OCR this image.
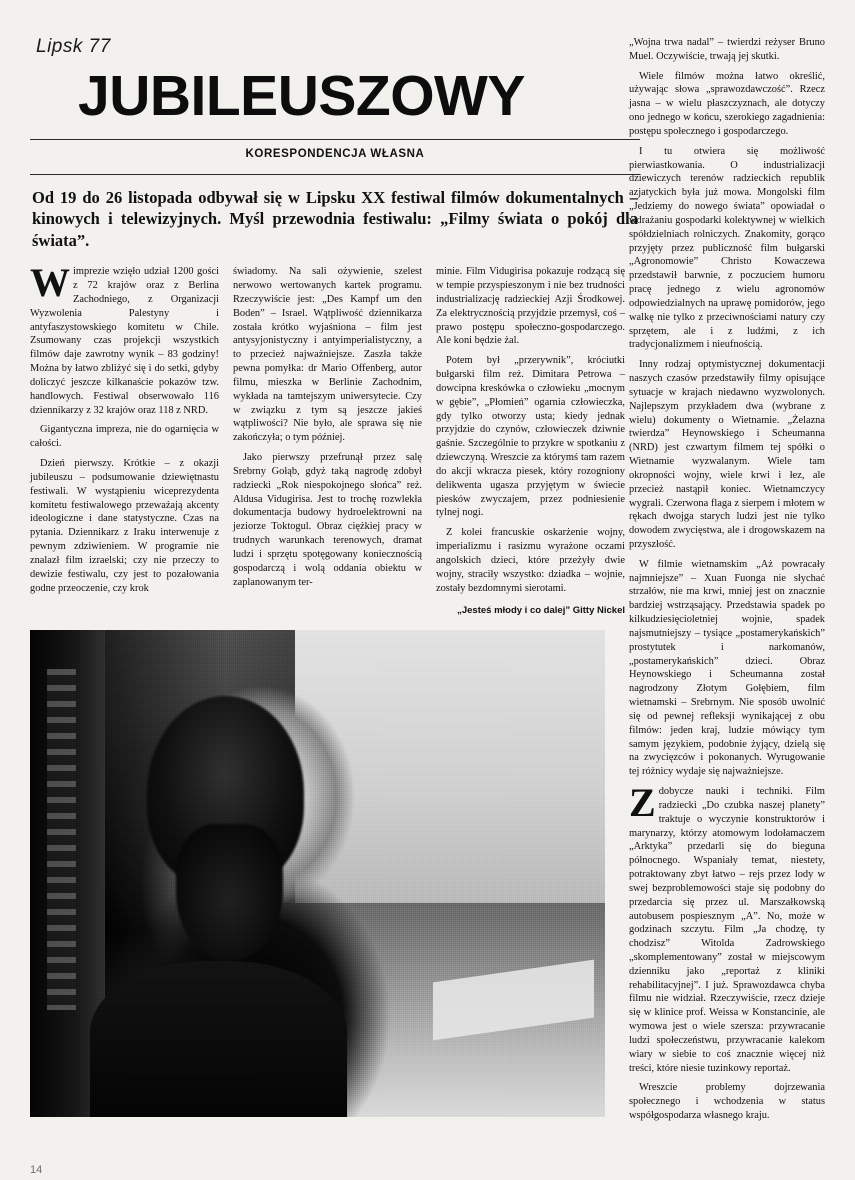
Lipsk 77
JUBILEUSZOWY
KORESPONDENCJA WŁASNA

Od 19 do 26 listopada odbywał się w Lipsku XX festiwal filmów dokumentalnych – kinowych i telewizyjnych. Myśl przewodnia festiwalu: „Filmy świata o pokój dla świata”.

Wimprezie wzięło udział 1200 gości z 72 krajów oraz z Berlina Zachodniego, z Organizacji Wyzwolenia Palestyny i antyfaszystowskiego komitetu w Chile. Zsumowany czas projekcji wszystkich filmów daje zawrotny wynik – 83 godziny! Można by łatwo zbliżyć się i do setki, gdyby doliczyć jeszcze kilkanaście pokazów tzw. handlowych. Festiwal obserwowało 116 dziennikarzy z 32 krajów oraz 118 z NRD.

Gigantyczna impreza, nie do ogarnięcia w całości.

Dzień pierwszy. Krótkie – z okazji jubileuszu – podsumowanie dziewiętnastu festiwali. W wystąpieniu wiceprezydenta komitetu festiwalowego przeważają akcenty ideologiczne i dane statystyczne. Czas na pytania. Dziennikarz z Iraku interwenuje z pewnym zdziwieniem. W programie nie znalazł film izraelski; czy nie przeczy to dewizie festiwalu, czy jest to pozałowania godne przeoczenie, czy krok

świadomy. Na sali ożywienie, szelest nerwowo wertowanych kartek programu. Rzeczywiście jest: „Des Kampf um den Boden” – Israel. Wątpliwość dziennikarza została krótko wyjaśniona – film jest antysyjonistyczny i antyimperialistyczny, a to przecież najważniejsze. Zaszła także pewna pomyłka: dr Mario Offenberg, autor filmu, mieszka w Berlinie Zachodnim, wykłada na tamtejszym uniwersytecie. Czy w związku z tym są jeszcze jakieś wątpliwości? Nie było, ale sprawa się nie zakończyła; o tym później.

Jako pierwszy przefrunął przez salę Srebrny Gołąb, gdyż taką nagrodę zdobył radziecki „Rok niespokojnego słońca” reż. Aldusa Vidugirisa. Jest to trochę rozwlekła dokumentacja budowy hydroelektrowni na jeziorze Toktogul. Obraz ciężkiej pracy w trudnych warunkach terenowych, dramat ludzi i sprzętu spotęgowany koniecznością gospodarczą i wolą oddania obiektu w zaplanowanym ter-

minie. Film Vidugirisa pokazuje rodzącą się w tempie przyspieszonym i nie bez trudności industrializację radzieckiej Azji Środkowej. Za elektrycznością przyjdzie przemysł, coś – prawo postępu społeczno-gospodarczego. Ale koni będzie żal.

Potem był „przerywnik”, króciutki bułgarski film reż. Dimitara Petrowa – dowcipna kreskówka o człowieku „mocnym w gębie”, „Płomień” ogarnia człowieczka, gdy tylko otworzy usta; kiedy jednak przyjdzie do czynów, człowieczek dziwnie gaśnie. Szczególnie to przykre w spotkaniu z dziewczyną. Wreszcie za którymś tam razem do akcji wkracza piesek, który rozogniony delikwenta ugasza przyjętym w świecie piesków zwyczajem, przez podniesienie tylnej nogi.

Z kolei francuskie oskarżenie wojny, imperializmu i rasizmu wyrażone oczami angolskich dzieci, które przeżyły dwie wojny, straciły wszystko: dziadka – wojnie, zostały bezdomnymi sierotami.

„Jesteś młody i co dalej” Gitty Nickel

„Wojna trwa nadal” – twierdzi reżyser Bruno Muel. Oczywiście, trwają jej skutki.

Wiele filmów można łatwo określić, używając słowa „sprawozdawczość”. Rzecz jasna – w wielu płaszczyznach, ale dotyczy ono jednego w końcu, szerokiego zagadnienia: postępu społecznego i gospodarczego.

I tu otwiera się możliwość pierwiastkowania. O industrializacji dziewiczych terenów radzieckich republik azjatyckich była już mowa. Mongolski film „Jedziemy do nowego świata” opowiadał o wdrażaniu gospodarki kolektywnej w wielkich spółdzielniach rolniczych. Znakomity, gorąco przyjęty przez publiczność film bułgarski „Agronomowie” Christo Kowaczewa przedstawił barwnie, z poczuciem humoru pracę jednego z wielu agronomów odpowiedzialnych na uprawę pomidorów, jego walkę nie tylko z przeciwnościami natury czy sprzętem, ale i z ludźmi, z ich tradycjonalizmem i nieufnością.

Inny rodzaj optymistycznej dokumentacji naszych czasów przedstawiły filmy opisujące sytuacje w krajach niedawno wyzwolonych. Najlepszym przykładem dwa (wybrane z wielu) dokumenty o Wietnamie. „Żelazna twierdza” Heynowskiego i Scheumanna (NRD) jest czwartym filmem tej spółki o Wietnamie wyzwalanym. Wiele tam okropności wojny, wiele krwi i łez, ale przecież nastąpił koniec. Wietnamczycy wygrali. Czerwona flaga z sierpem i młotem w rękach dwojga starych ludzi jest nie tylko dowodem zwycięstwa, ale i drogowskazem na przyszłość.

W filmie wietnamskim „Aż powracały najmniejsze” – Xuan Fuonga nie słychać strzałów, nie ma krwi, mniej jest on znacznie bardziej wstrząsający. Przedstawia spadek po kilkudziesięcioletniej wojnie, spadek najsmutniejszy – tysiące „postamerykańskich” prostytutek i narkomanów, „postamerykańskich” dzieci. Obraz Heynowskiego i Scheumanna został nagrodzony Złotym Gołębiem, film wietnamski – Srebrnym. Nie sposób uwolnić się od pewnej refleksji wynikającej z obu filmów: jeden kraj, ludzie mówiący tym samym językiem, podobnie żyjący, dzielą się na zwycięzców i pokonanych. Wyrugowanie tej różnicy wydaje się najważniejsze.

Zdobycze nauki i techniki. Film radziecki „Do czubka naszej planety” traktuje o wyczynie konstruktorów i marynarzy, którzy atomowym lodołamaczem „Arktyka” przedarli się do bieguna północnego. Wspaniały temat, niestety, potraktowany zbyt łatwo – rejs przez lody w swej bezproblemowości staje się podobny do przedarcia się przez ul. Marszałkowską autobusem pospiesznym „A”. No, może w godzinach szczytu. Film „Ja chodzę, ty chodzisz” Witolda Zadrowskiego „skomplementowany” został w miejscowym dzienniku jako „reportaż z kliniki rehabilitacyjnej”. I już. Sprawozdawca chyba filmu nie widział. Rzeczywiście, rzecz dzieje się w klinice prof. Weissa w Konstancinie, ale wymowa jest o wiele szersza: przywracanie ludzi społeczeństwu, przywracanie kalekom wiary w siebie to coś znacznie więcej niż treści, które niesie tuzinkowy reportaż.

Wreszcie problemy dojrzewania społecznego i wchodzenia w status współgospodarza własnego kraju.

14
